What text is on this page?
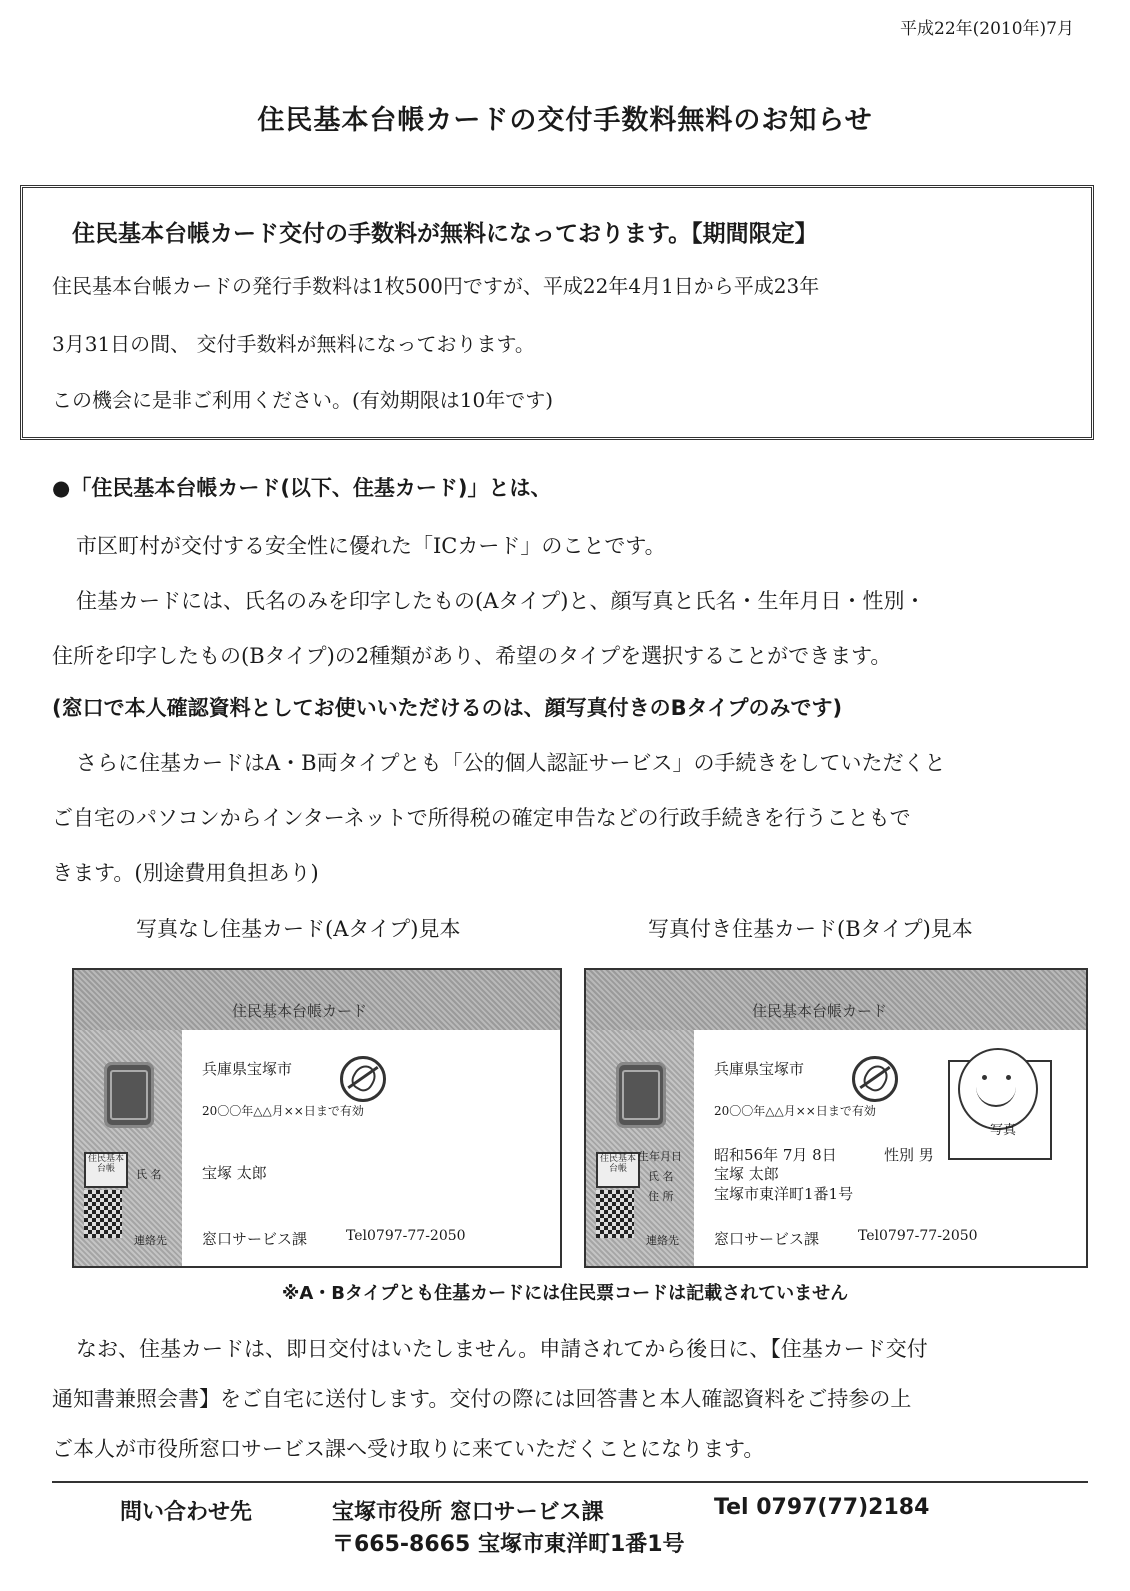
平成22年(2010年)7月
住民基本台帳カードの交付手数料無料のお知らせ
住民基本台帳カード交付の手数料が無料になっております。【期間限定】
住民基本台帳カードの発行手数料は1枚500円ですが、平成22年4月1日から平成23年
3月31日の間、 交付手数料が無料になっております。
この機会に是非ご利用ください。(有効期限は10年です)
●「住民基本台帳カード(以下、住基カード)」とは、
市区町村が交付する安全性に優れた「ICカード」のことです。
住基カードには、氏名のみを印字したもの(Aタイプ)と、顔写真と氏名・生年月日・性別・
住所を印字したもの(Bタイプ)の2種類があり、希望のタイプを選択することができます。
(窓口で本人確認資料としてお使いいただけるのは、顔写真付きのBタイプのみです)
さらに住基カードはA・B両タイプとも「公的個人認証サービス」の手続きをしていただくと
ご自宅のパソコンからインターネットで所得税の確定申告などの行政手続きを行うこともで
きます。(別途費用負担あり)
写真なし住基カード(Aタイプ)見本	写真付き住基カード(Bタイプ)見本
住民基本台帳カード
住民基本台帳
兵庫県宝塚市
20〇〇年△△月××日まで有効
氏 名	宝塚 太郎
連絡先 窓口サービス課	Tel0797-77-2050
住民基本台帳カード
住民基本台帳
兵庫県宝塚市
20〇〇年△△月××日まで有効
生年月日 昭和56年 7月 8日	性別 男
氏 名	宝塚 太郎
住 所	宝塚市東洋町1番1号
連絡先 窓口サービス課	Tel0797-77-2050
写真
※A・Bタイプとも住基カードには住民票コードは記載されていません
なお、住基カードは、即日交付はいたしません。申請されてから後日に、【住基カード交付
通知書兼照会書】をご自宅に送付します。交付の際には回答書と本人確認資料をご持参の上
ご本人が市役所窓口サービス課へ受け取りに来ていただくことになります。
問い合わせ先	宝塚市役所 窓口サービス課	Tel 0797(77)2184
〒665-8665 宝塚市東洋町1番1号
